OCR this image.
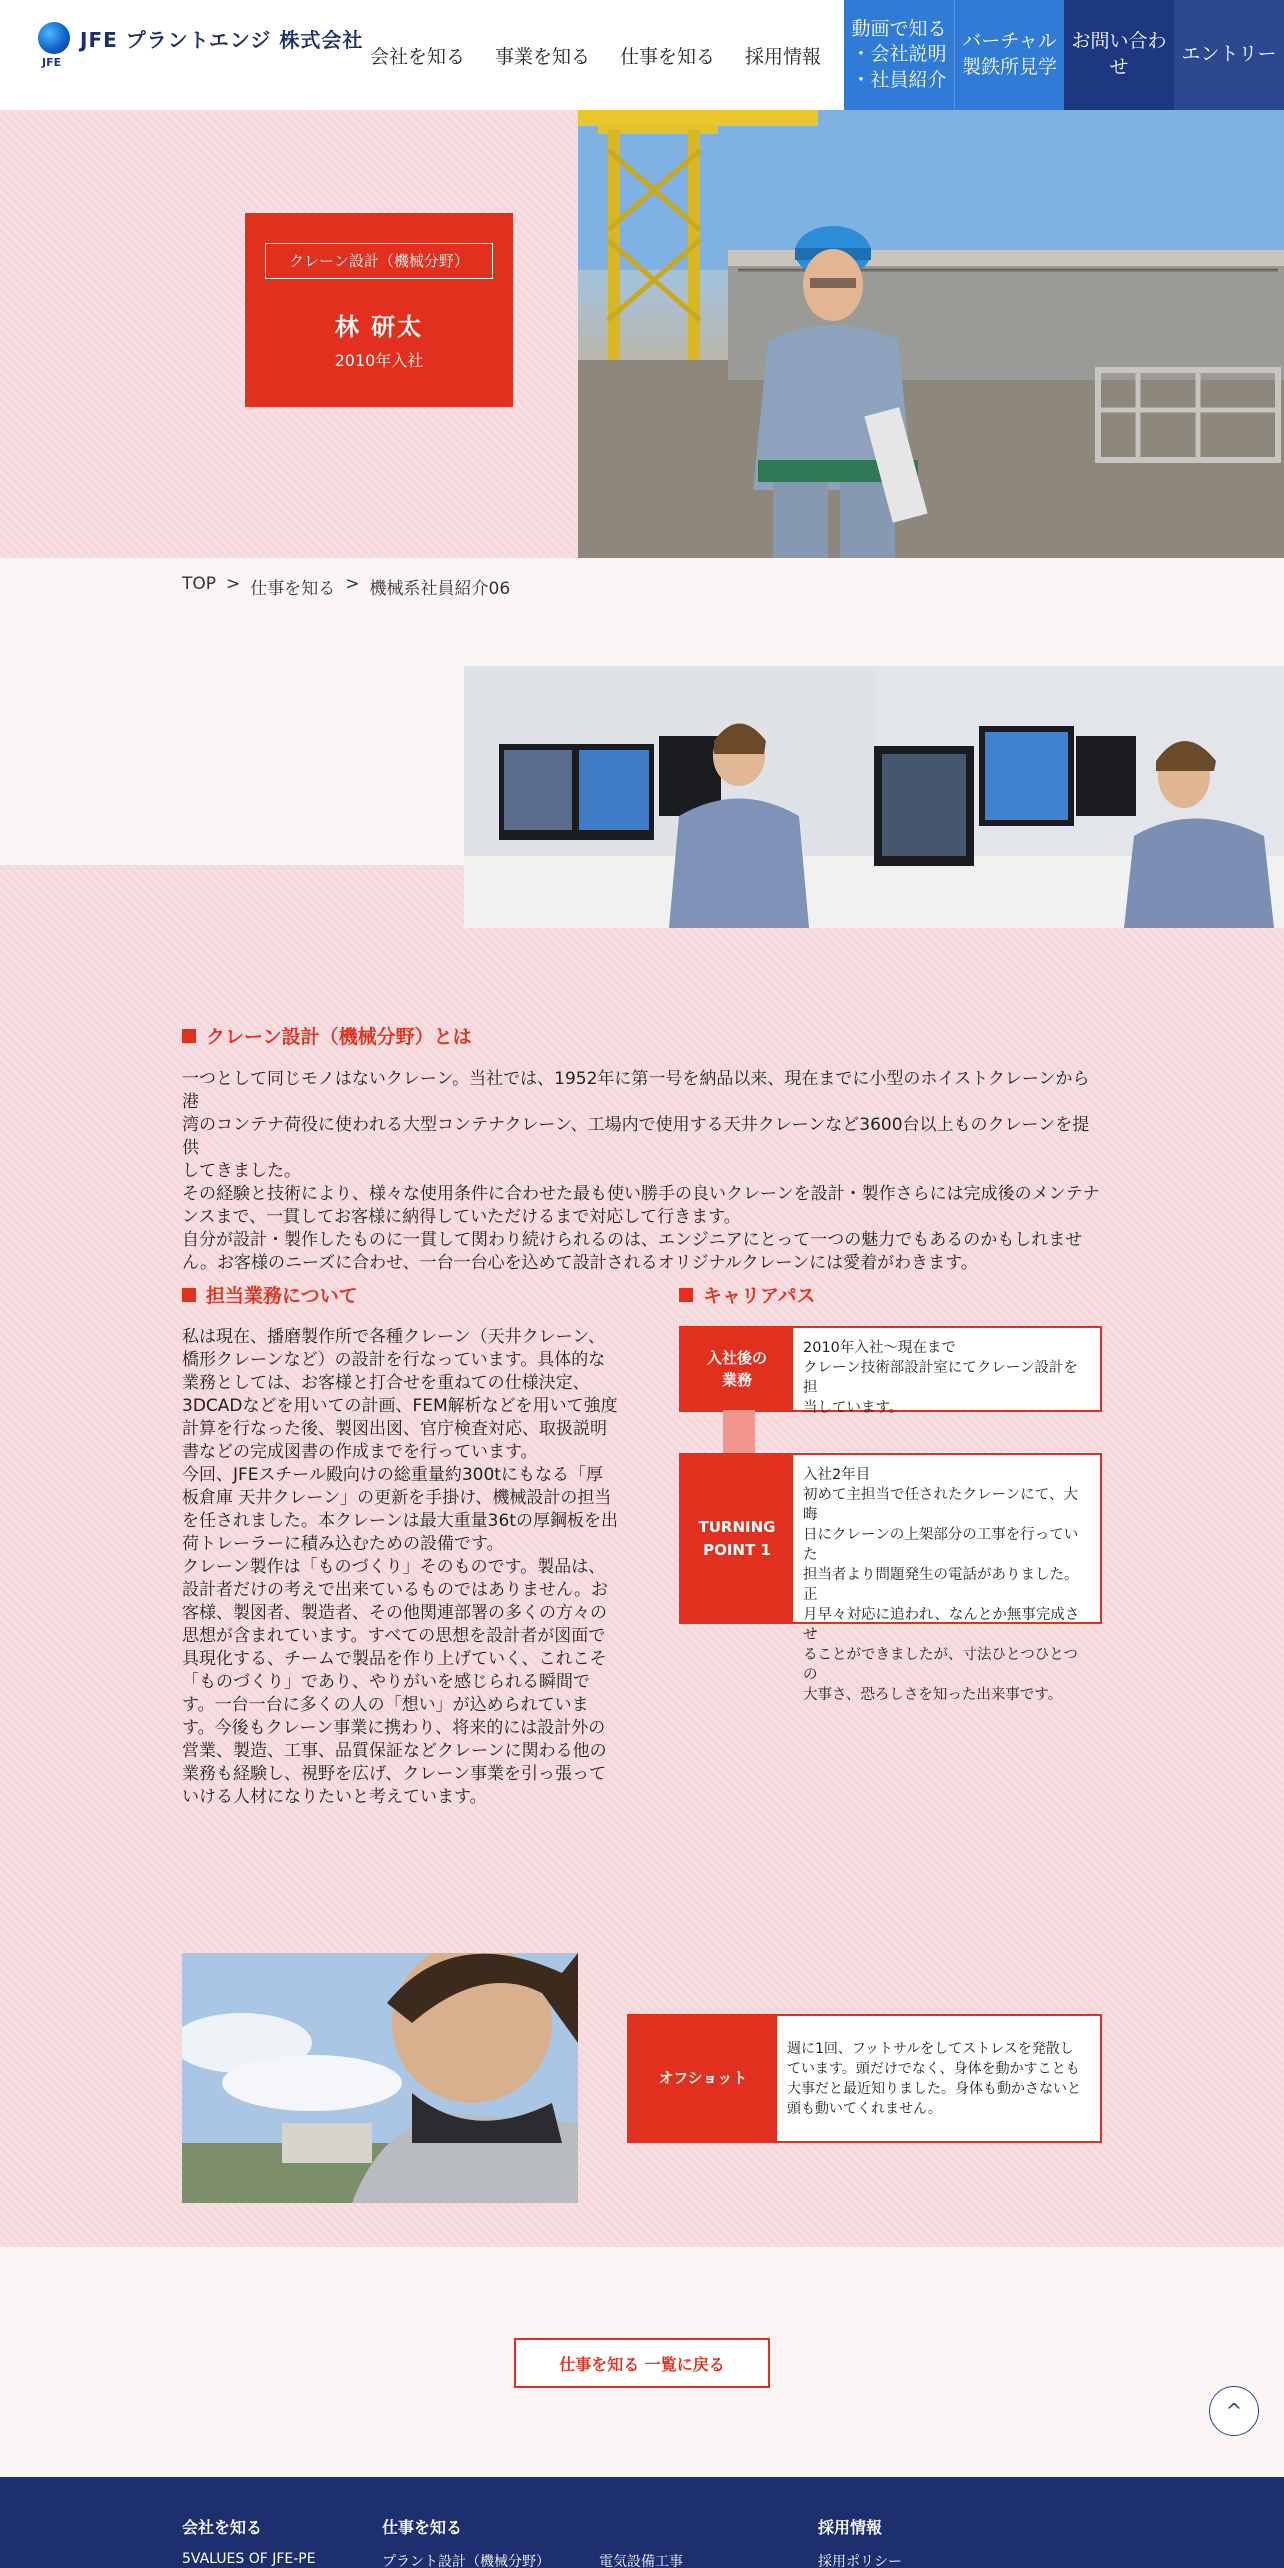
JFE プラントエンジ 株式会社
JFE	会社を知る 事業を知る 仕事を知る 採用情報
動画で知る
・会社説明
・社員紹介
バーチャル
製鉄所見学
お問い合わせ
エントリー
クレーン設計（機械分野）
林 研太
2010年入社
TOP > 仕事を知る > 機械系社員紹介06
クレーン設計（機械分野）とは
一つとして同じモノはないクレーン。当社では、1952年に第一号を納品以来、現在までに小型のホイストクレーンから港
湾のコンテナ荷役に使われる大型コンテナクレーン、工場内で使用する天井クレーンなど3600台以上ものクレーンを提供
してきました。
その経験と技術により、様々な使用条件に合わせた最も使い勝手の良いクレーンを設計・製作さらには完成後のメンテナ
ンスまで、一貫してお客様に納得していただけるまで対応して行きます。
自分が設計・製作したものに一貫して関わり続けられるのは、エンジニアにとって一つの魅力でもあるのかもしれませ
ん。お客様のニーズに合わせ、一台一台心を込めて設計されるオリジナルクレーンには愛着がわきます。
担当業務について
私は現在、播磨製作所で各種クレーン（天井クレーン、
橋形クレーンなど）の設計を行なっています。具体的な
業務としては、お客様と打合せを重ねての仕様決定、
3DCADなどを用いての計画、FEM解析などを用いて強度
計算を行なった後、製図出図、官庁検査対応、取扱説明
書などの完成図書の作成までを行っています。
今回、JFEスチール殿向けの総重量約300tにもなる「厚
板倉庫 天井クレーン」の更新を手掛け、機械設計の担当
を任されました。本クレーンは最大重量36tの厚鋼板を出
荷トレーラーに積み込むための設備です。
クレーン製作は「ものづくり」そのものです。製品は、
設計者だけの考えで出来ているものではありません。お
客様、製図者、製造者、その他関連部署の多くの方々の
思想が含まれています。すべての思想を設計者が図面で
具現化する、チームで製品を作り上げていく、これこそ
「ものづくり」であり、やりがいを感じられる瞬間で
す。一台一台に多くの人の「想い」が込められていま
す。今後もクレーン事業に携わり、将来的には設計外の
営業、製造、工事、品質保証などクレーンに関わる他の
業務も経験し、視野を広げ、クレーン事業を引っ張って
いける人材になりたいと考えています。
キャリアパス
入社後の
業務
2010年入社～現在まで
クレーン技術部設計室にてクレーン設計を担
当しています。
TURNING
POINT 1
入社2年目
初めて主担当で任されたクレーンにて、大晦
日にクレーンの上架部分の工事を行っていた
担当者より問題発生の電話がありました。正
月早々対応に追われ、なんとか無事完成させ
ることができましたが、寸法ひとつひとつの
大事さ、恐ろしさを知った出来事です。
オフショット
週に1回、フットサルをしてストレスを発散し
ています。頭だけでなく、身体を動かすことも
大事だと最近知りました。身体も動かさないと
頭も動いてくれません。
仕事を知る 一覧に戻る
^
会社を知る
5VALUES OF JFE-PE
仕事を知る
プラント設計（機械分野）	電気設備工事
採用情報
採用ポリシー
